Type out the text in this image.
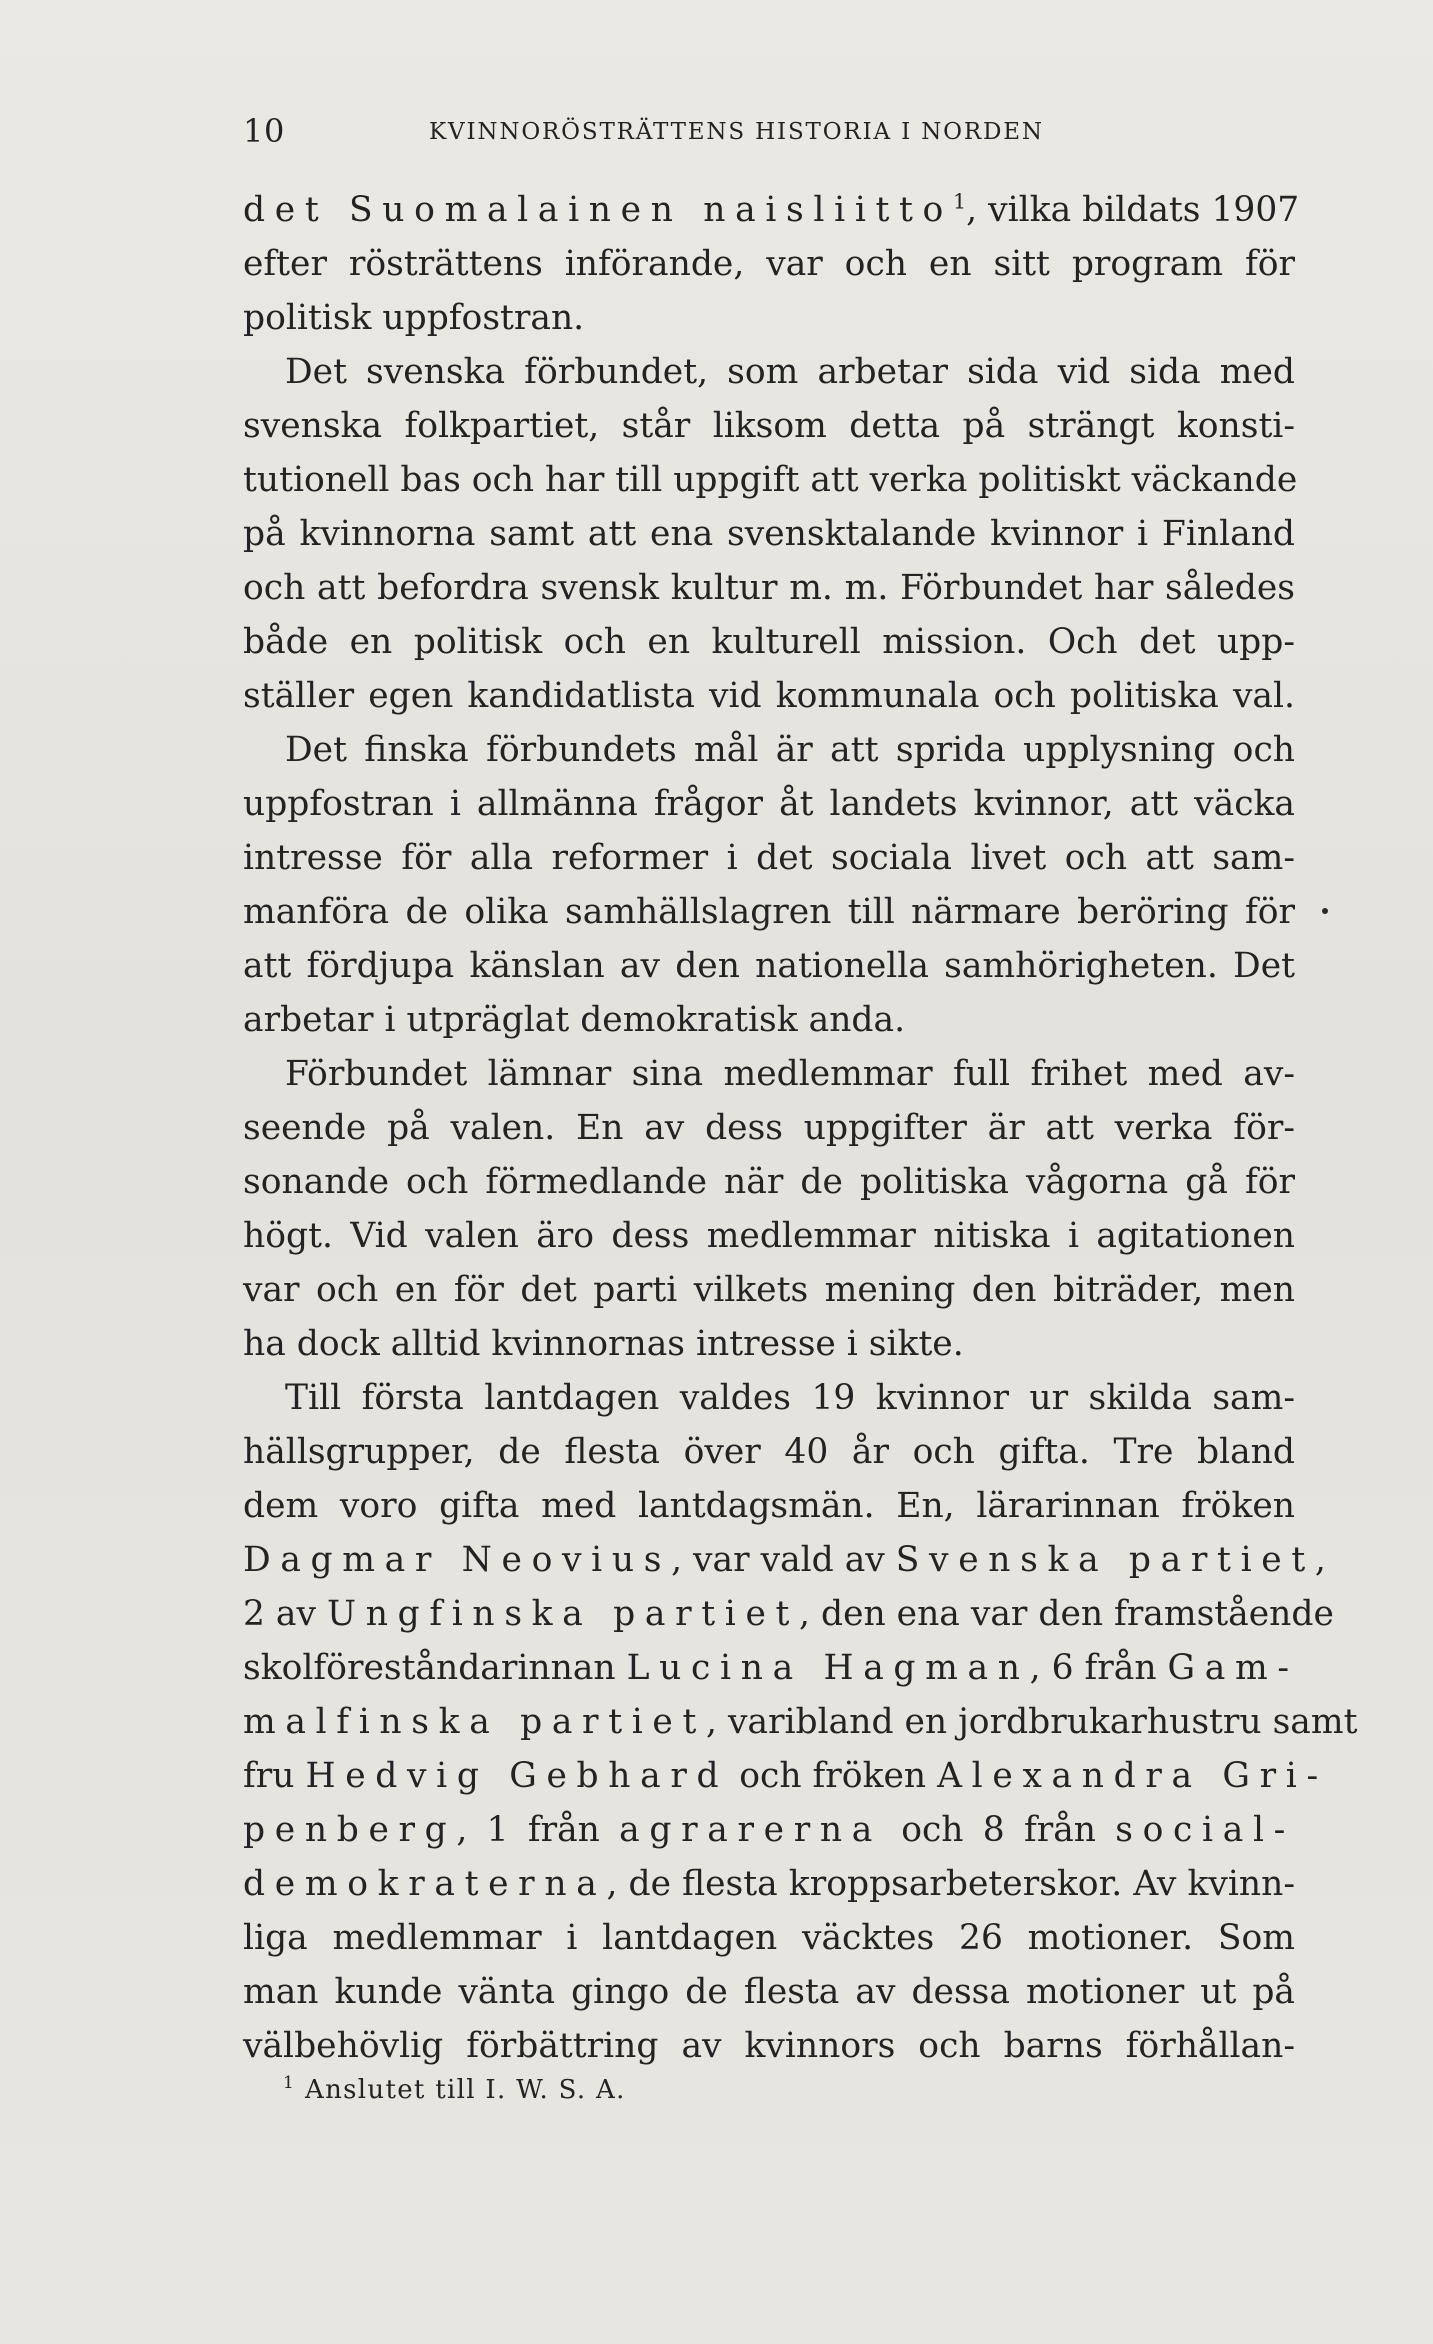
10	KVINNORÖSTRÄTTENS HISTORIA I NORDEN
det Suomalainen naisliitto$^1$, vilka bildats 1907
efter rösträttens införande, var och en sitt program för
politisk uppfostran.
Det svenska förbundet, som arbetar sida vid sida med
svenska folkpartiet, står liksom detta på strängt konsti-
tutionell bas och har till uppgift att verka politiskt väckande
på kvinnorna samt att ena svensktalande kvinnor i Finland
och att befordra svensk kultur m. m. Förbundet har således
både en politisk och en kulturell mission. Och det upp-
ställer egen kandidatlista vid kommunala och politiska val.
Det finska förbundets mål är att sprida upplysning och
uppfostran i allmänna frågor åt landets kvinnor, att väcka
intresse för alla reformer i det sociala livet och att sam-
manföra de olika samhällslagren till närmare beröring för
att fördjupa känslan av den nationella samhörigheten. Det
arbetar i utpräglat demokratisk anda.
Förbundet lämnar sina medlemmar full frihet med av-
seende på valen. En av dess uppgifter är att verka för-
sonande och förmedlande när de politiska vågorna gå för
högt. Vid valen äro dess medlemmar nitiska i agitationen
var och en för det parti vilkets mening den biträder, men
ha dock alltid kvinnornas intresse i sikte.
Till första lantdagen valdes 19 kvinnor ur skilda sam-
hällsgrupper, de flesta över 40 år och gifta. Tre bland
dem voro gifta med lantdagsmän. En, lärarinnan fröken
Dagmar Neovius, var vald av Svenska partiet,
2 av Ungfinska partiet, den ena var den framstående
skolföreståndarinnan Lucina Hagman, 6 från Gam-
malfinska partiet, varibland en jordbrukarhustru samt
fru Hedvig Gebhard och fröken Alexandra Gri-
penberg, 1 från agrarerna och 8 från social-
demokraterna, de flesta kroppsarbeterskor. Av kvinn-
liga medlemmar i lantdagen väcktes 26 motioner. Som
man kunde vänta gingo de flesta av dessa motioner ut på
välbehövlig förbättring av kvinnors och barns förhållan-
$^1$ Anslutet till I. W. S. A.
